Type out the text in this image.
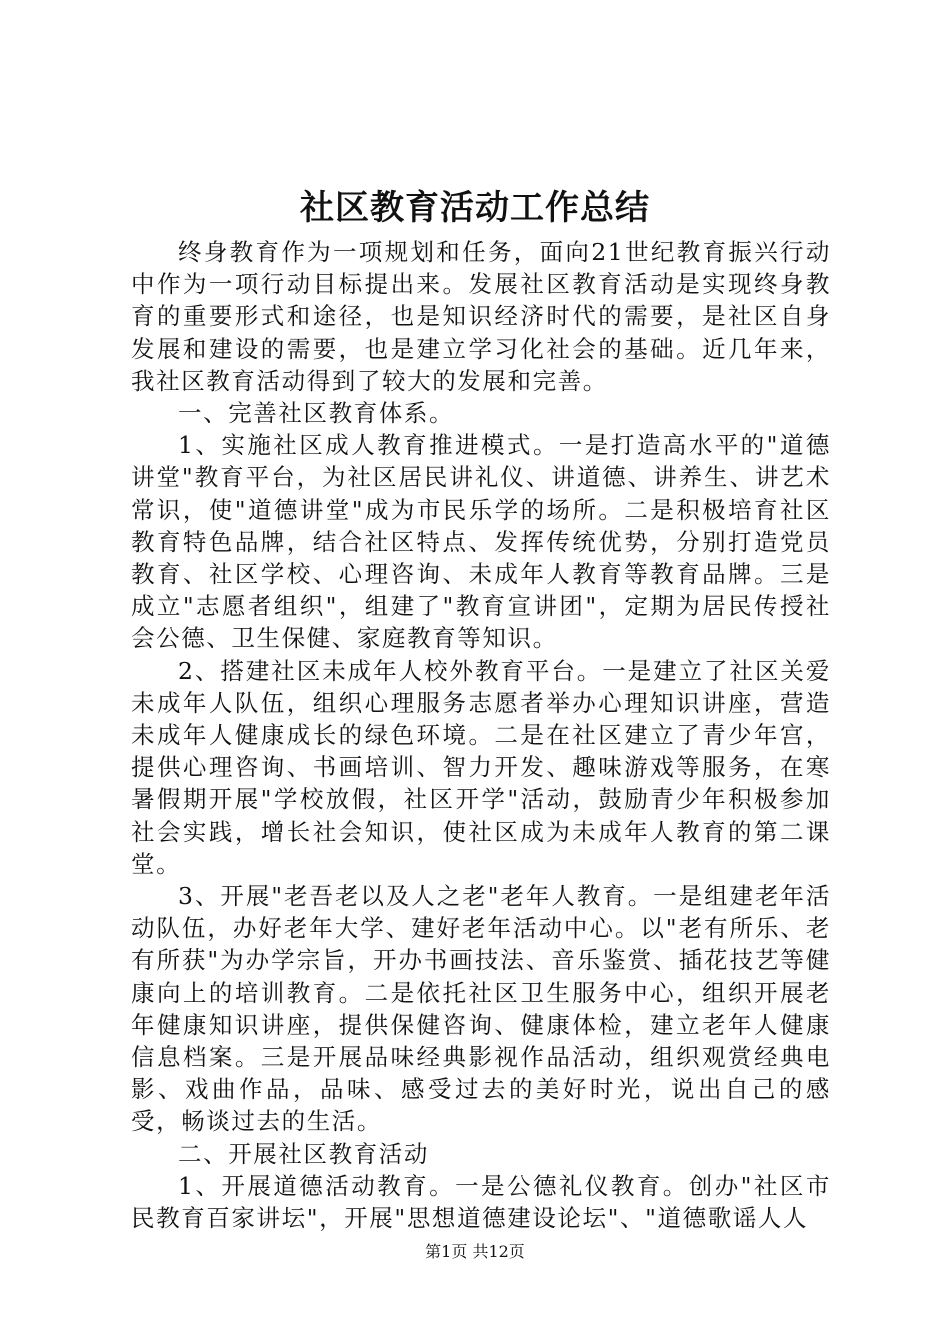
社区教育活动工作总结

终身教育作为一项规划和任务，面向21世纪教育振兴行动中作为一项行动目标提出来。发展社区教育活动是实现终身教育的重要形式和途径，也是知识经济时代的需要，是社区自身发展和建设的需要，也是建立学习化社会的基础。近几年来，我社区教育活动得到了较大的发展和完善。

一、完善社区教育体系。

1、实施社区成人教育推进模式。一是打造高水平的"道德讲堂"教育平台，为社区居民讲礼仪、讲道德、讲养生、讲艺术常识，使"道德讲堂"成为市民乐学的场所。二是积极培育社区教育特色品牌，结合社区特点、发挥传统优势，分别打造党员教育、社区学校、心理咨询、未成年人教育等教育品牌。三是成立"志愿者组织"，组建了"教育宣讲团"，定期为居民传授社会公德、卫生保健、家庭教育等知识。

2、搭建社区未成年人校外教育平台。一是建立了社区关爱未成年人队伍，组织心理服务志愿者举办心理知识讲座，营造未成年人健康成长的绿色环境。二是在社区建立了青少年宫，提供心理咨询、书画培训、智力开发、趣味游戏等服务，在寒暑假期开展"学校放假，社区开学"活动，鼓励青少年积极参加社会实践，增长社会知识，使社区成为未成年人教育的第二课堂。

3、开展"老吾老以及人之老"老年人教育。一是组建老年活动队伍，办好老年大学、建好老年活动中心。以"老有所乐、老有所获"为办学宗旨，开办书画技法、音乐鉴赏、插花技艺等健康向上的培训教育。二是依托社区卫生服务中心，组织开展老年健康知识讲座，提供保健咨询、健康体检，建立老年人健康信息档案。三是开展品味经典影视作品活动，组织观赏经典电影、戏曲作品，品味、感受过去的美好时光，说出自己的感受，畅谈过去的生活。

二、开展社区教育活动

1、开展道德活动教育。一是公德礼仪教育。创办"社区市民教育百家讲坛"，开展"思想道德建设论坛"、"道德歌谣人人

第1页 共12页
